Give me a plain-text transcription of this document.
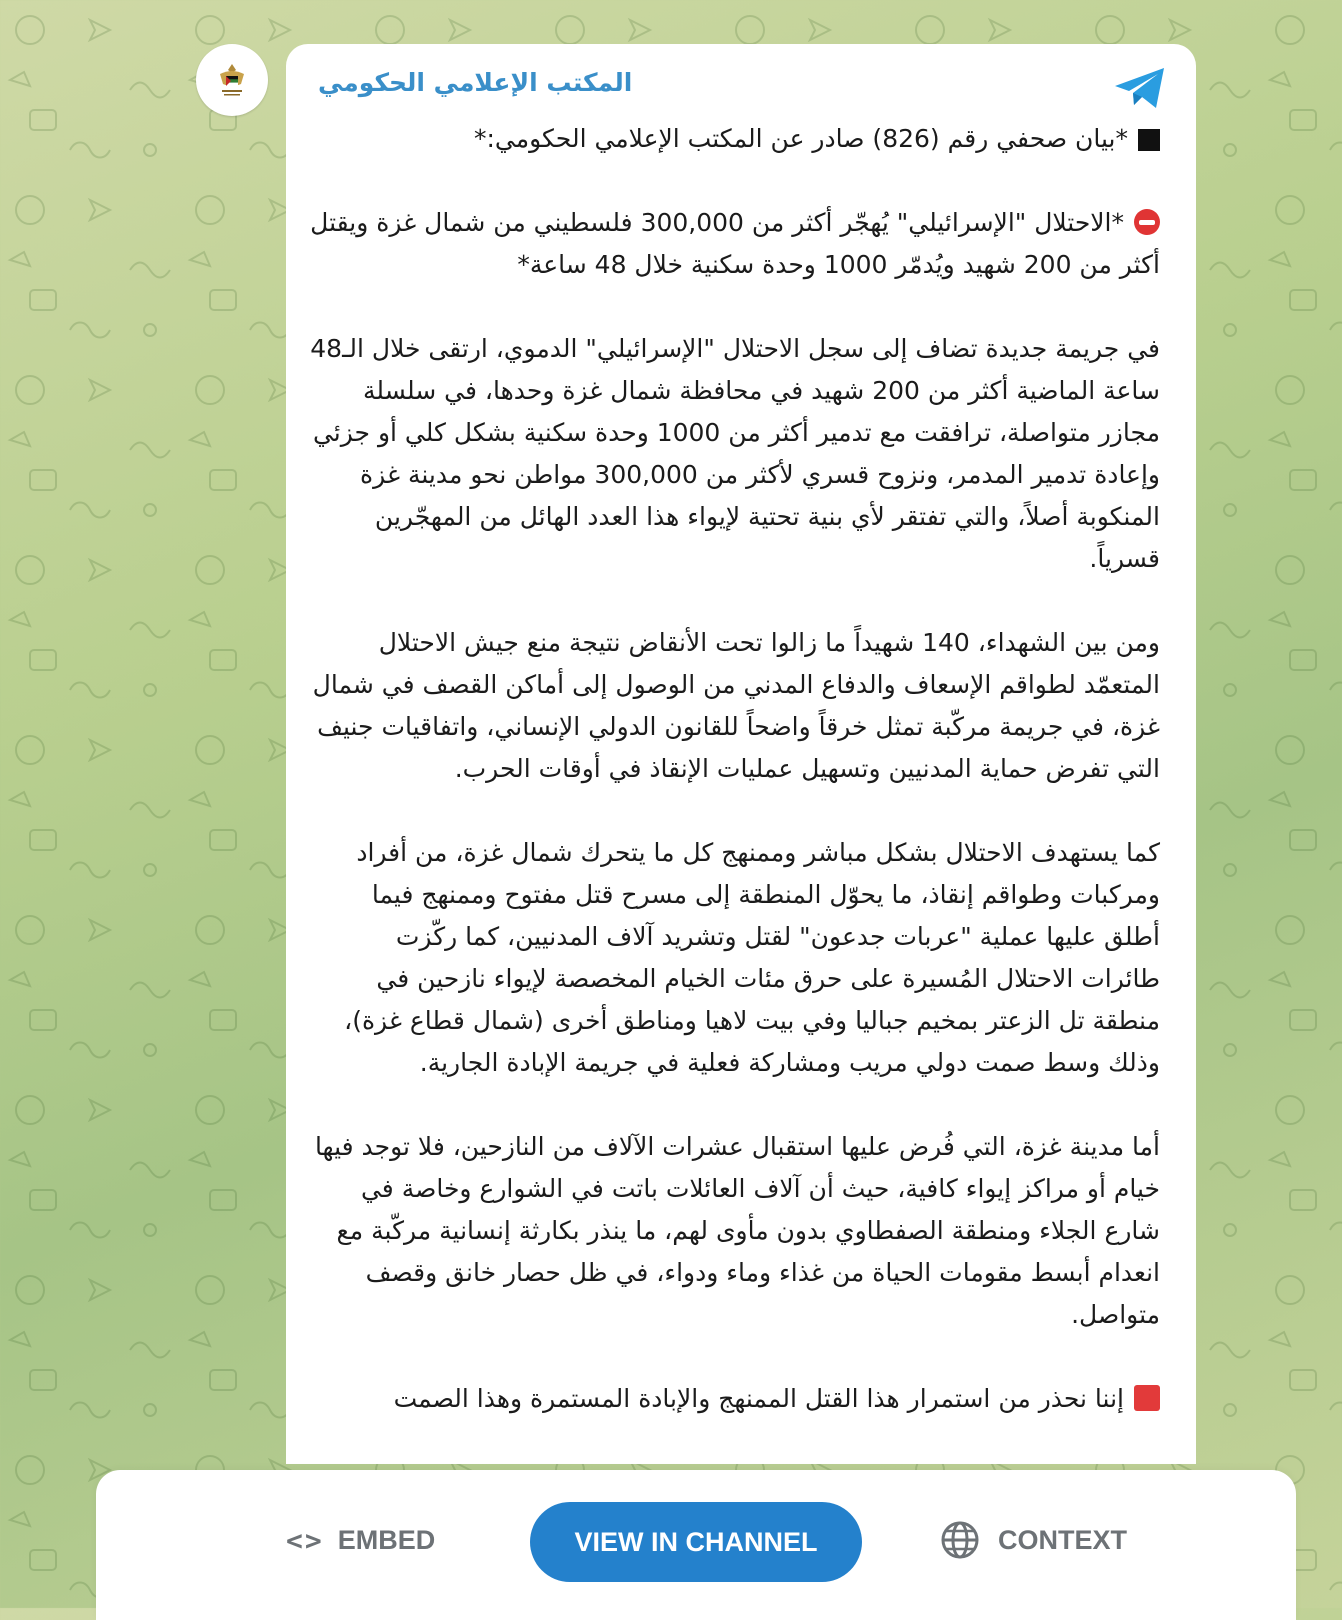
المكتب الإعلامي الحكومي

*بيان صحفي رقم (826) صادر عن المكتب الإعلامي الحكومي:*

*الاحتلال "الإسرائيلي" يُهجّر أكثر من 300,000 فلسطيني من شمال غزة ويقتل أكثر من 200 شهيد ويُدمّر 1000 وحدة سكنية خلال 48 ساعة*

في جريمة جديدة تضاف إلى سجل الاحتلال "الإسرائيلي" الدموي، ارتقى خلال الـ48 ساعة الماضية أكثر من 200 شهيد في محافظة شمال غزة وحدها، في سلسلة مجازر متواصلة، ترافقت مع تدمير أكثر من 1000 وحدة سكنية بشكل كلي أو جزئي وإعادة تدمير المدمر، ونزوح قسري لأكثر من 300,000 مواطن نحو مدينة غزة المنكوبة أصلاً، والتي تفتقر لأي بنية تحتية لإيواء هذا العدد الهائل من المهجّرين قسرياً.

ومن بين الشهداء، 140 شهيداً ما زالوا تحت الأنقاض نتيجة منع جيش الاحتلال المتعمّد لطواقم الإسعاف والدفاع المدني من الوصول إلى أماكن القصف في شمال غزة، في جريمة مركّبة تمثل خرقاً واضحاً للقانون الدولي الإنساني، واتفاقيات جنيف التي تفرض حماية المدنيين وتسهيل عمليات الإنقاذ في أوقات الحرب.

كما يستهدف الاحتلال بشكل مباشر وممنهج كل ما يتحرك شمال غزة، من أفراد ومركبات وطواقم إنقاذ، ما يحوّل المنطقة إلى مسرح قتل مفتوح وممنهج فيما أطلق عليها عملية "عربات جدعون" لقتل وتشريد آلاف المدنيين، كما ركّزت طائرات الاحتلال المُسيرة على حرق مئات الخيام المخصصة لإيواء نازحين في منطقة تل الزعتر بمخيم جباليا وفي بيت لاهيا ومناطق أخرى (شمال قطاع غزة)، وذلك وسط صمت دولي مريب ومشاركة فعلية في جريمة الإبادة الجارية.

أما مدينة غزة، التي فُرض عليها استقبال عشرات الآلاف من النازحين، فلا توجد فيها خيام أو مراكز إيواء كافية، حيث أن آلاف العائلات باتت في الشوارع وخاصة في شارع الجلاء ومنطقة الصفطاوي بدون مأوى لهم، ما ينذر بكارثة إنسانية مركّبة مع انعدام أبسط مقومات الحياة من غذاء وماء ودواء، في ظل حصار خانق وقصف متواصل.

إننا نحذر من استمرار هذا القتل الممنهج والإبادة المستمرة وهذا الصمت

<> EMBED	VIEW IN CHANNEL	CONTEXT
